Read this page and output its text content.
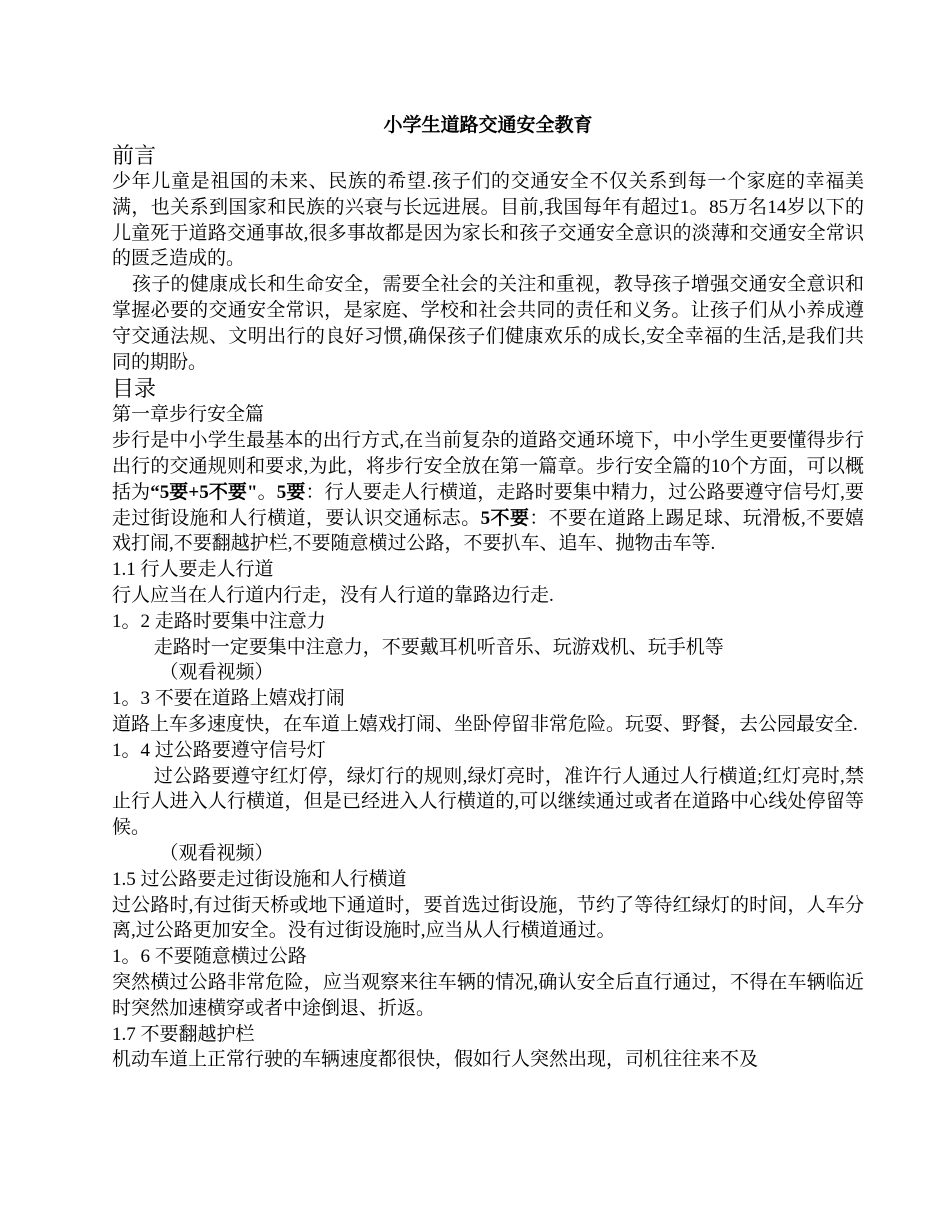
小学生道路交通安全教育
前言

少年儿童是祖国的未来、民族的希望.孩子们的交通安全不仅关系到每一个家庭的幸福美满，也关系到国家和民族的兴衰与长远进展。目前,我国每年有超过1。85万名14岁以下的儿童死于道路交通事故,很多事故都是因为家长和孩子交通安全意识的淡薄和交通安全常识的匮乏造成的。

孩子的健康成长和生命安全，需要全社会的关注和重视，教导孩子增强交通安全意识和掌握必要的交通安全常识，是家庭、学校和社会共同的责任和义务。让孩子们从小养成遵守交通法规、文明出行的良好习惯,确保孩子们健康欢乐的成长,安全幸福的生活,是我们共同的期盼。

目录
第一章步行安全篇

步行是中小学生最基本的出行方式,在当前复杂的道路交通环境下，中小学生更要懂得步行出行的交通规则和要求,为此，将步行安全放在第一篇章。步行安全篇的10个方面，可以概括为“5要+5不要"。5要：行人要走人行横道，走路时要集中精力，过公路要遵守信号灯,要走过街设施和人行横道，要认识交通标志。5不要：不要在道路上踢足球、玩滑板,不要嬉戏打闹,不要翻越护栏,不要随意横过公路，不要扒车、追车、抛物击车等.

1.1 行人要走人行道

行人应当在人行道内行走，没有人行道的靠路边行走.

1。2 走路时要集中注意力

走路时一定要集中注意力，不要戴耳机听音乐、玩游戏机、玩手机等

（观看视频）
1。3 不要在道路上嬉戏打闹

道路上车多速度快，在车道上嬉戏打闹、坐卧停留非常危险。玩耍、野餐，去公园最安全.

1。4 过公路要遵守信号灯

过公路要遵守红灯停，绿灯行的规则,绿灯亮时，准许行人通过人行横道;红灯亮时,禁止行人进入人行横道，但是已经进入人行横道的,可以继续通过或者在道路中心线处停留等候。

（观看视频）
1.5 过公路要走过街设施和人行横道

过公路时,有过街天桥或地下通道时，要首选过街设施，节约了等待红绿灯的时间，人车分离,过公路更加安全。没有过街设施时,应当从人行横道通过。

1。6 不要随意横过公路

突然横过公路非常危险，应当观察来往车辆的情况,确认安全后直行通过，不得在车辆临近时突然加速横穿或者中途倒退、折返。

1.7 不要翻越护栏

机动车道上正常行驶的车辆速度都很快，假如行人突然出现，司机往往来不及
